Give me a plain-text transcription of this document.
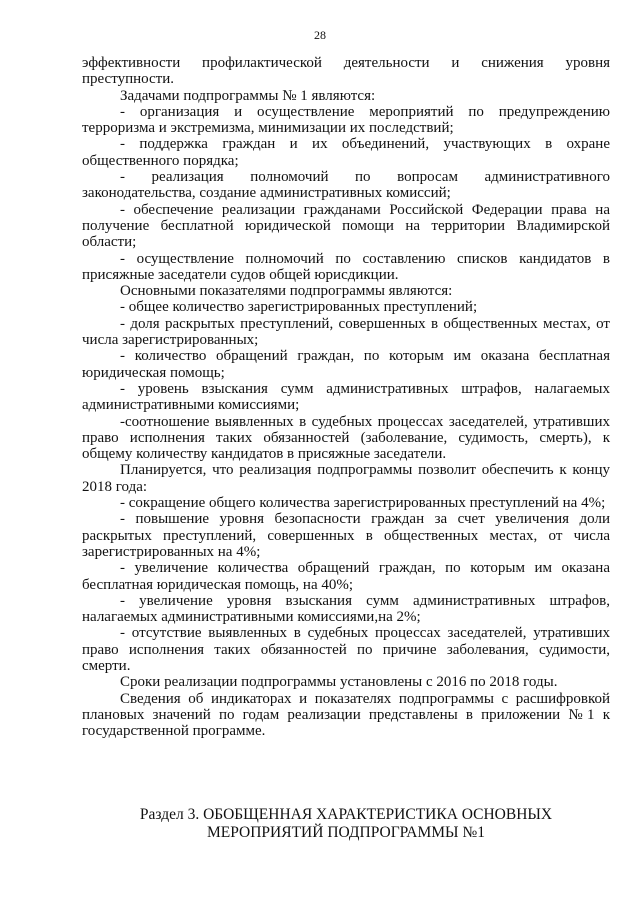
28

эффективности профилактической деятельности и снижения уровня преступности.

Задачами подпрограммы № 1 являются:

- организация и осуществление мероприятий по предупреждению терроризма и экстремизма, минимизации их последствий;

- поддержка граждан и их объединений, участвующих в охране общественного порядка;

- реализация полномочий по вопросам административного законодательства, создание административных комиссий;

- обеспечение реализации гражданами Российской Федерации права на получение бесплатной юридической помощи на территории Владимирской области;

- осуществление полномочий по составлению списков кандидатов в присяжные заседатели судов общей юрисдикции.

Основными показателями подпрограммы являются:

- общее количество зарегистрированных преступлений;

- доля раскрытых преступлений, совершенных в общественных местах, от числа зарегистрированных;

- количество обращений граждан, по которым им оказана бесплатная юридическая помощь;

- уровень взыскания сумм административных штрафов, налагаемых административными комиссиями;

-соотношение выявленных в судебных процессах заседателей, утративших право исполнения таких обязанностей (заболевание, судимость, смерть), к общему количеству кандидатов в присяжные заседатели.

Планируется, что реализация подпрограммы позволит обеспечить к концу 2018 года:

- сокращение общего количества зарегистрированных преступлений на 4%;

- повышение уровня безопасности граждан за счет увеличения доли раскрытых преступлений, совершенных в общественных местах, от числа зарегистрированных на 4%;

- увеличение количества обращений граждан, по которым им оказана бесплатная юридическая помощь, на 40%;

- увеличение уровня взыскания сумм административных штрафов, налагаемых административными комиссиями,на 2%;

- отсутствие выявленных в судебных процессах заседателей, утративших право исполнения таких обязанностей по причине заболевания, судимости, смерти.

Сроки реализации подпрограммы установлены с 2016 по 2018 годы.

Сведения об индикаторах и показателях подпрограммы с расшифровкой плановых значений по годам реализации представлены в приложении №1 к государственной программе.

Раздел 3. ОБОБЩЕННАЯ ХАРАКТЕРИСТИКА ОСНОВНЫХ
МЕРОПРИЯТИЙ ПОДПРОГРАММЫ №1
